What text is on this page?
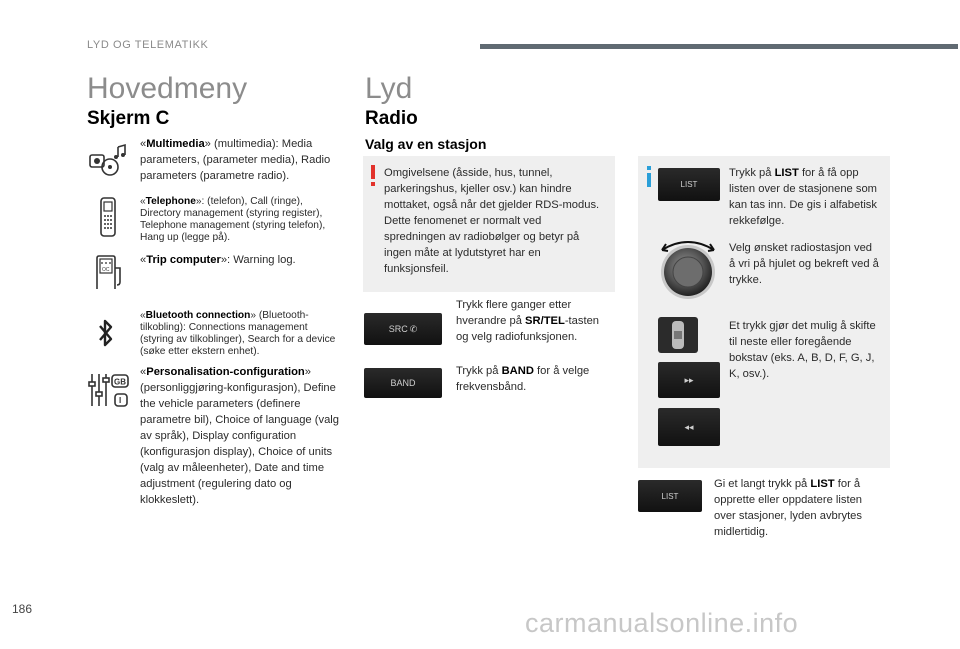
LYD OG TELEMATIKK
Hovedmeny
Skjerm C
«Multimedia» (multimedia): Media parameters, (parameter media), Radio parameters (parametre radio).
«Telephone»: (telefon), Call (ringe), Directory management (styring register), Telephone management (styring telefon), Hang up (legge på).
OC
«Trip computer»: Warning log.
«Bluetooth connection» (Bluetooth-tilkobling): Connections management (styring av tilkoblinger), Search for a device (søke etter ekstern enhet).
GB
I
«Personalisation-configuration» (personliggjøring-konfigurasjon), Define the vehicle parameters (definere parametre bil), Choice of language (valg av språk), Display configuration (konfigurasjon display), Choice of units (valg av måleenheter), Date and time adjustment (regulering dato og klokkeslett).
Lyd
Radio
Valg av en stasjon
Omgivelsene (åsside, hus, tunnel, parkeringshus, kjeller osv.) kan hindre mottaket, også når det gjelder RDS-modus. Dette fenomenet er normalt ved spredningen av radiobølger og betyr på ingen måte at lydutstyret har en funksjonsfeil.
SRC ✆
Trykk flere ganger etter hverandre på SR/TEL-tasten og velg radiofunksjonen.
BAND
Trykk på BAND for å velge frekvensbånd.
LIST
Trykk på LIST for å få opp listen over de stasjonene som kan tas inn. De gis i alfabetisk rekkefølge.
Velg ønsket radiostasjon ved å vri på hjulet og bekreft ved å trykke.
▸▸
◂◂
Et trykk gjør det mulig å skifte til neste eller foregående bokstav (eks. A, B, D, F, G, J, K, osv.).
LIST
Gi et langt trykk på LIST for å opprette eller oppdatere listen over stasjoner, lyden avbrytes midlertidig.
186	carmanualsonline.info
